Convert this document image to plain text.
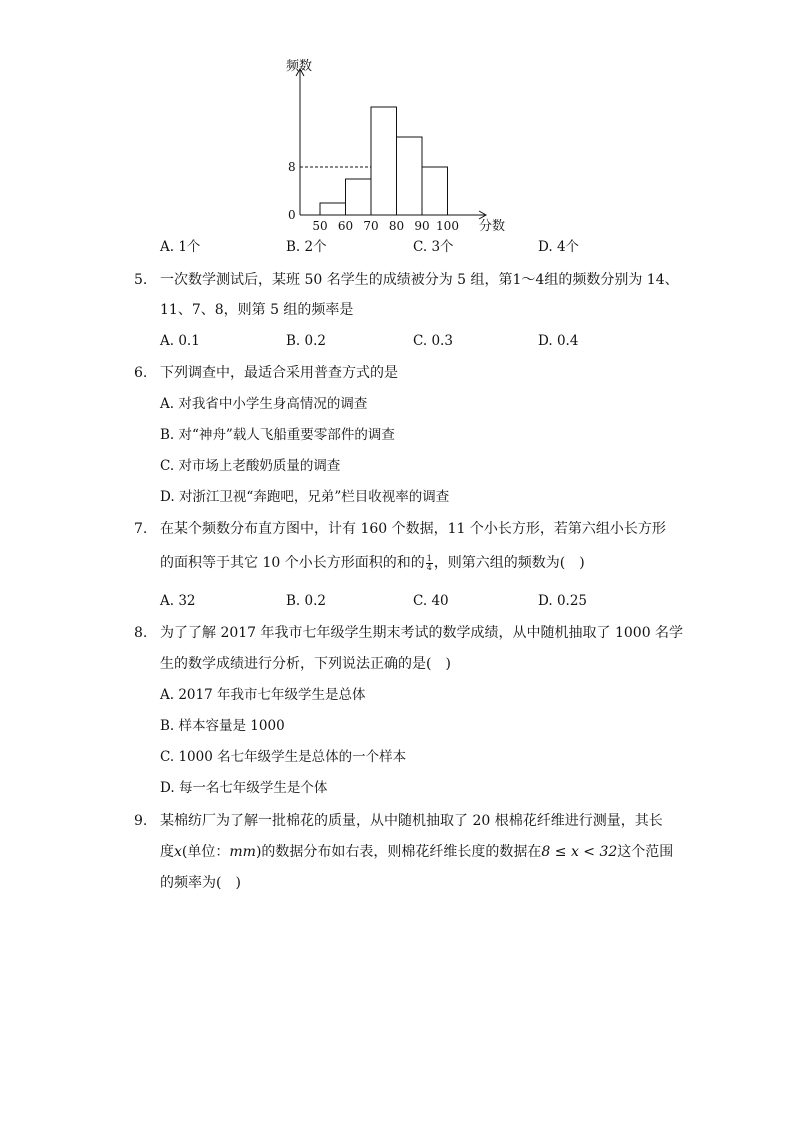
0
8
50 60 70 80 90 100
频数
分数
A. 1个	B. 2个	C. 3个	D. 4个
5. 一次数学测试后，某班 50 名学生的成绩被分为 5 组，第1～4组的频数分别为 14、
11、7、8，则第 5 组的频率是
A. 0.1	B. 0.2	C. 0.3	D. 0.4
6. 下列调查中，最适合采用普查方式的是
A. 对我省中小学生身高情况的调查
B. 对“神舟”载人飞船重要零部件的调查
C. 对市场上老酸奶质量的调查
D. 对浙江卫视“奔跑吧，兄弟”栏目收视率的调查
7. 在某个频数分布直方图中，计有 160 个数据，11 个小长方形，若第六组小长方形
的面积等于其它 10 个小长方形面积的和的 $\frac{1}{4}$ ，则第六组的频数为(　)
A. 32	B. 0.2	C. 40	D. 0.25
8. 为了了解 2017 年我市七年级学生期末考试的数学成绩，从中随机抽取了 1000 名学
生的数学成绩进行分析，下列说法正确的是(　)
A. 2017 年我市七年级学生是总体
B. 样本容量是 1000
C. 1000 名七年级学生是总体的一个样本
D. 每一名七年级学生是个体
9. 某棉纺厂为了解一批棉花的质量，从中随机抽取了 20 根棉花纤维进行测量，其长
度x(单位：mm)的数据分布如右表，则棉花纤维长度的数据在8 ≤ x < 32这个范围
的频率为(　)
